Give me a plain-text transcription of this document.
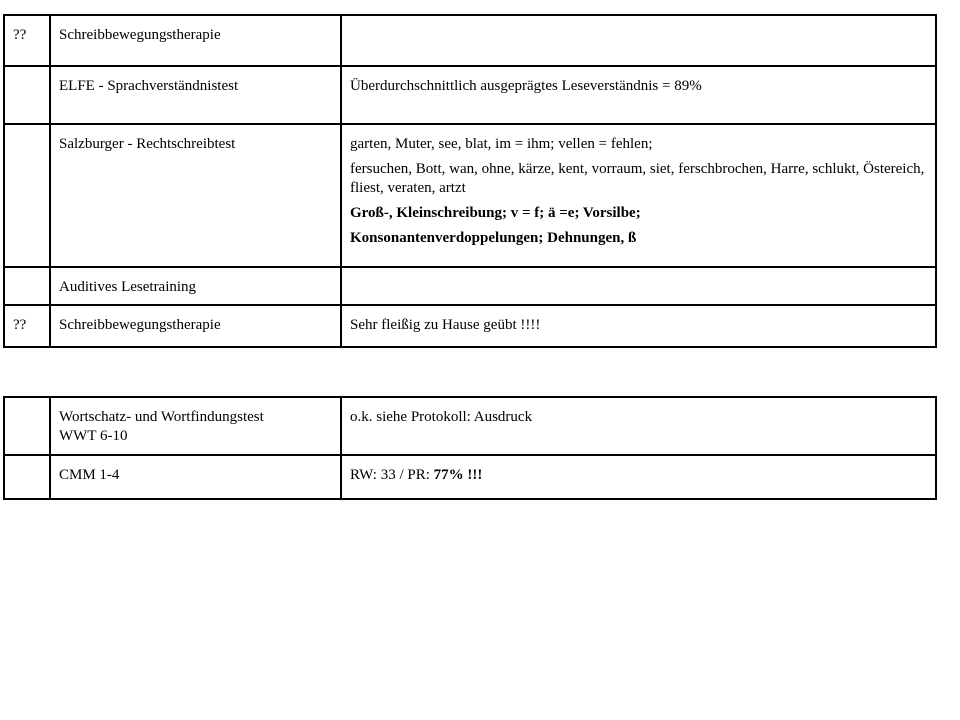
??	Schreibbewegungstherapie	
	ELFE - Sprachverständnistest	Überdurchschnittlich ausgeprägtes Leseverständnis = 89%
	Salzburger - Rechtschreibtest	garten, Muter, see, blat, im = ihm; vellen = fehlen;
fersuchen, Bott, wan, ohne, kärze, kent, vorraum, siet, ferschbrochen, Harre, schlukt, Östereich, fliest, veraten, artzt
Groß-, Kleinschreibung; v = f; ä =e; Vorsilbe;
Konsonantenverdoppelungen; Dehnungen, ß

	Auditives Lesetraining	
??	Schreibbewegungstherapie	Sehr fleißig zu Hause geübt !!!!

	Wortschatz- und Wortfindungstest
WWT 6-10	o.k. siehe Protokoll: Ausdruck
	CMM 1-4	RW: 33 / PR: 77% !!!
